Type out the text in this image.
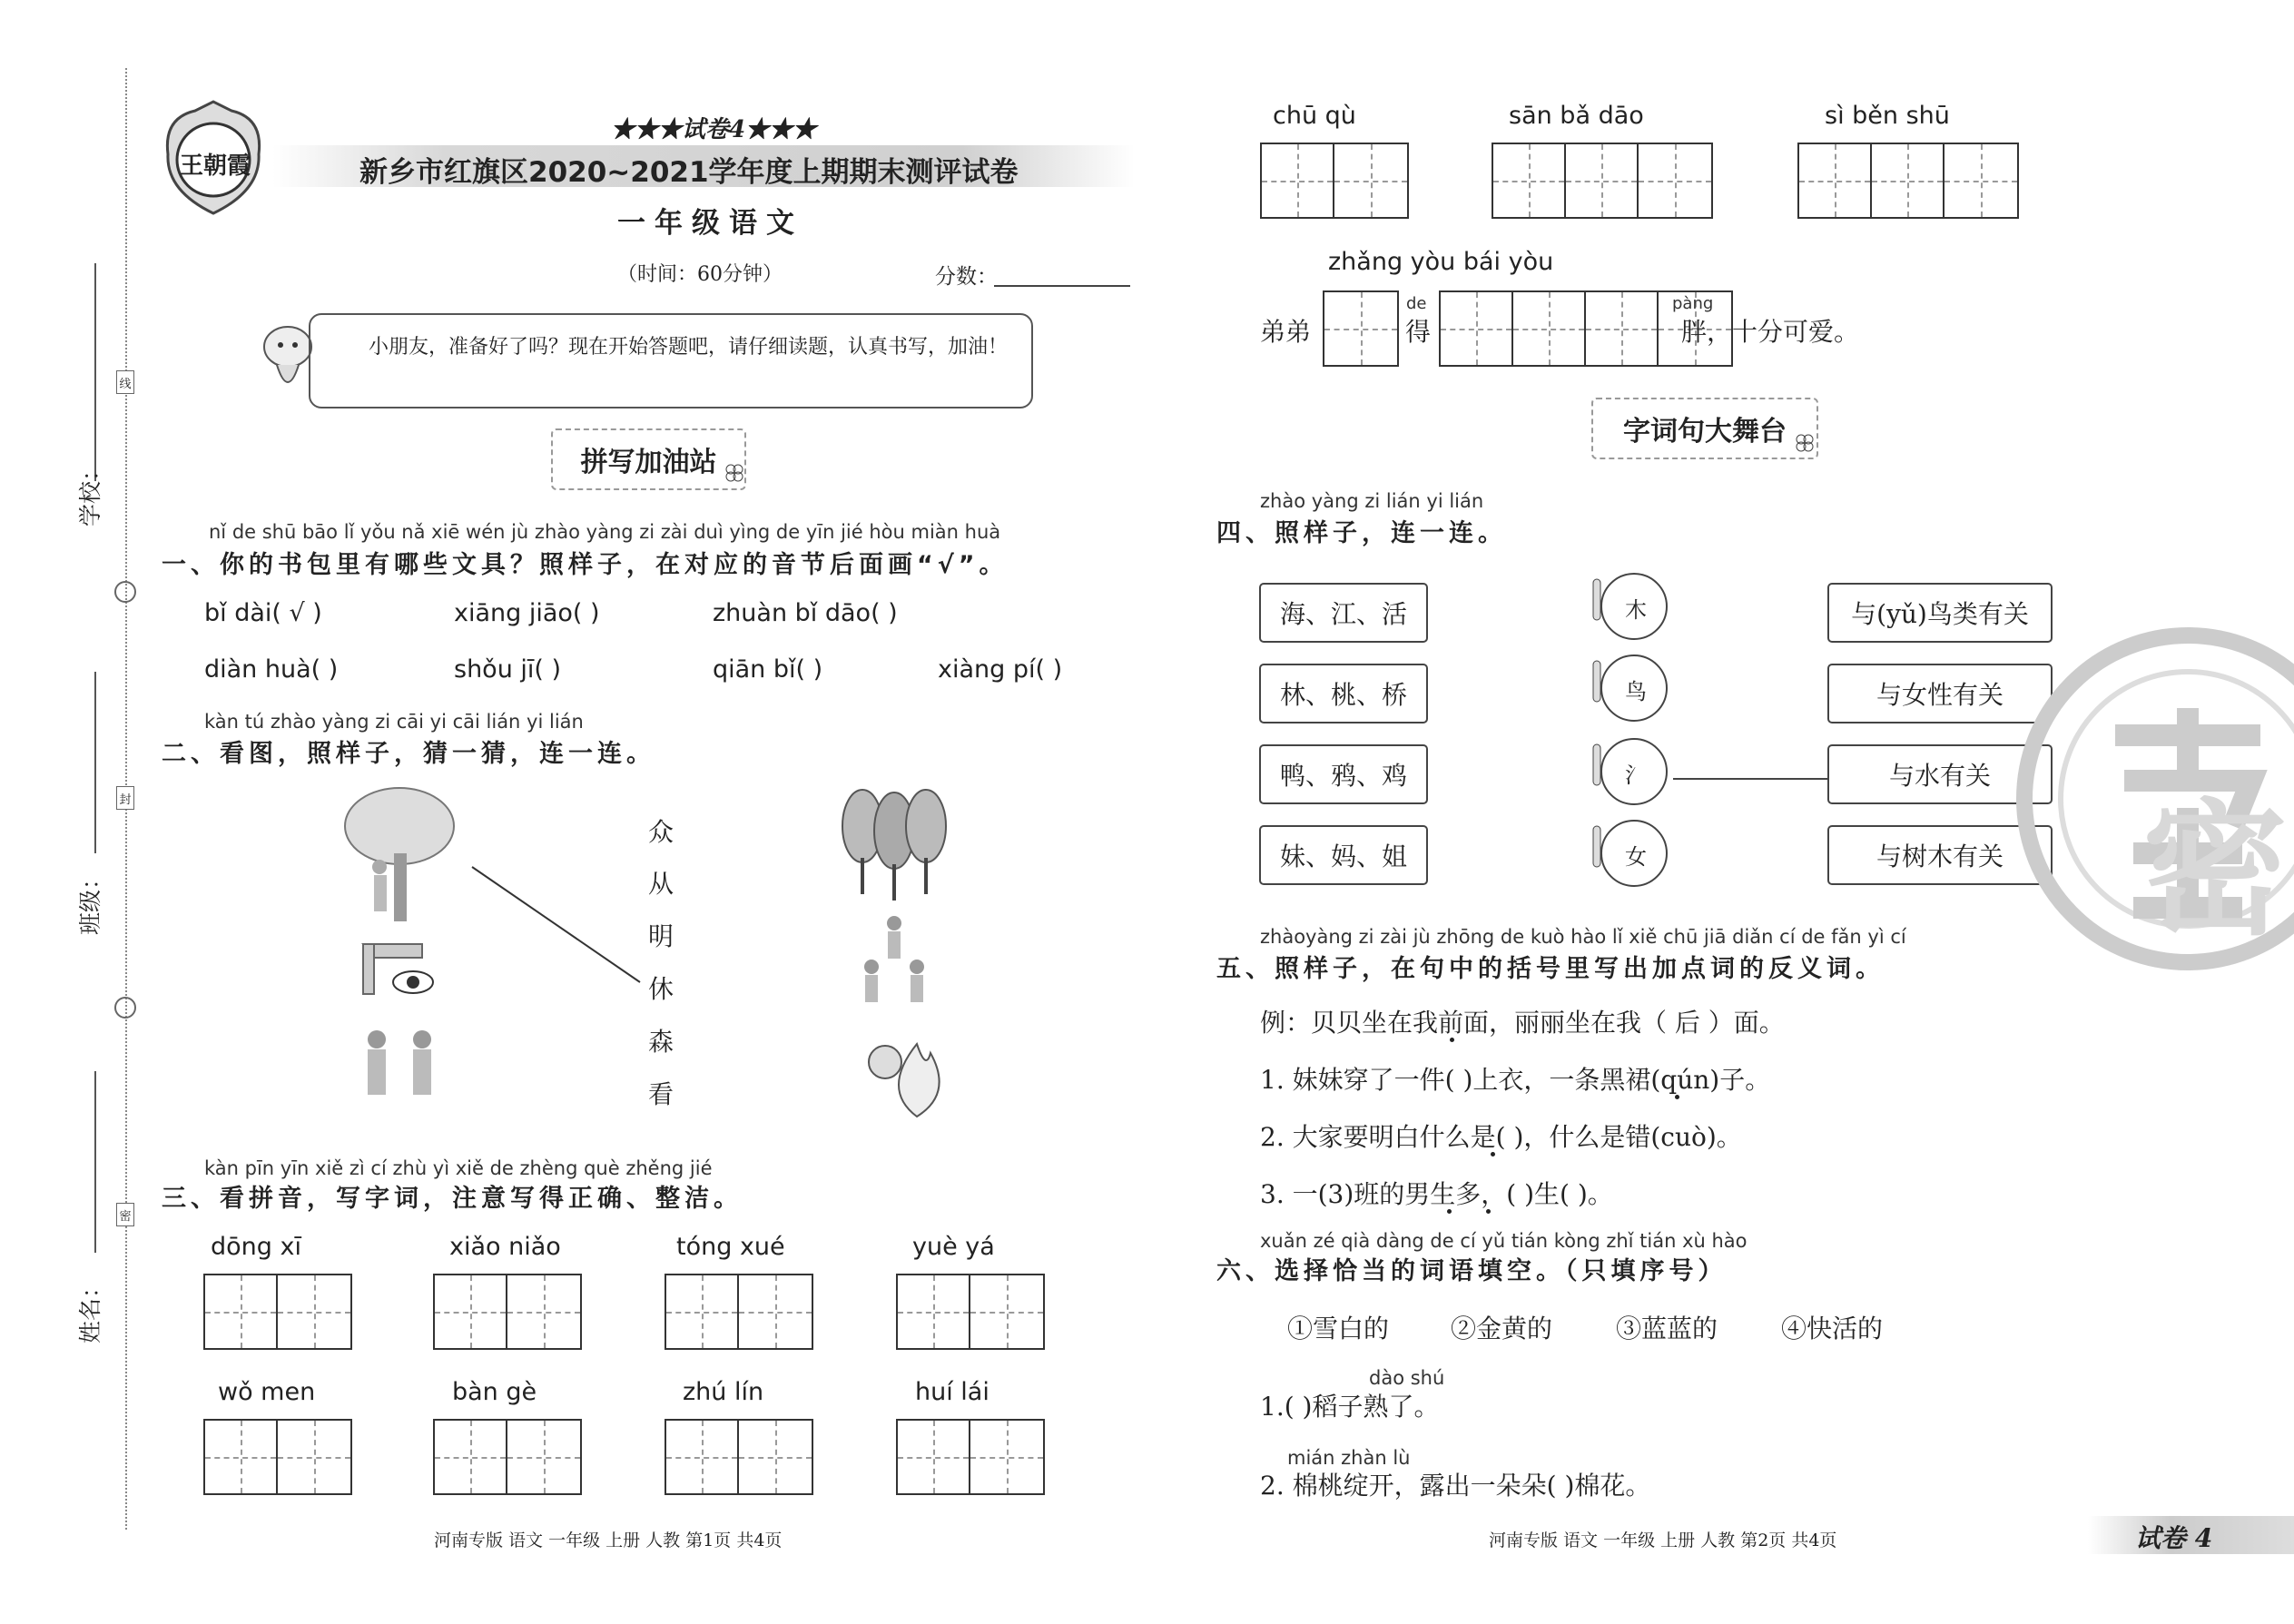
学校：
班级：
姓名：
线
封
密
王朝霞
★★★试卷4★★★
新乡市红旗区2020~2021学年度上期期末测评试卷
一年级语文
（时间：60分钟）	分数：
小朋友，准备好了吗？现在开始答题吧，请仔细读题，认真书写，加油！
拼写加油站
nǐ de shū bāo lǐ yǒu nǎ xiē wén jù zhào yàng zi zài duì yìng de yīn jié hòu miàn huà
一、你的书包里有哪些文具？照样子，在对应的音节后面画“√”。
bǐ dài( √ )	xiāng jiāo( )	zhuàn bǐ dāo( )
diàn huà( )	shǒu jī( )	qiān bǐ( )	xiàng pí( )
kàn tú zhào yàng zi cāi yi cāi lián yi lián
二、看图，照样子，猜一猜，连一连。
众
从
明
休
森
看
kàn pīn yīn xiě zì cí zhù yì xiě de zhèng què zhěng jié
三、看拼音，写字词，注意写得正确、整洁。
dōng xī	xiǎo niǎo	tóng xué	yuè yá
wǒ men	bàn gè	zhú lín	huí lái
河南专版 语文 一年级 上册 人教 第1页 共4页
chū qù	sān bǎ dāo	sì běn shū
zhǎng yòu bái yòu
弟弟
de
得
pàng
胖，十分可爱。
字词句大舞台
zhào yàng zi lián yi lián
四、照样子，连一连。
海、江、活
林、桃、桥
鸭、鸦、鸡
妹、妈、姐
木
鸟
氵
女
与(yǔ)鸟类有关
与女性有关
与水有关
与树木有关 密
zhàoyàng zi zài jù zhōng de kuò hào lǐ xiě chū jiā diǎn cí de fǎn yì cí
五、照样子，在句中的括号里写出加点词的反义词。
例：贝贝坐在我前面，丽丽坐在我（ 后 ）面。
1. 妹妹穿了一件( )上衣，一条黑裙(qún)子。
2. 大家要明白什么是( )，什么是错(cuò)。
3. 一(3)班的男生多，( )生( )。
xuǎn zé qià dàng de cí yǔ tián kòng zhǐ tián xù hào
六、选择恰当的词语填空。（只填序号）
①雪白的 ②金黄的 ③蓝蓝的 ④快活的
dào shú
1.( )稻子熟了。
mián zhàn lù
2. 棉桃绽开，露出一朵朵( )棉花。
河南专版 语文 一年级 上册 人教 第2页 共4页	试卷 4
